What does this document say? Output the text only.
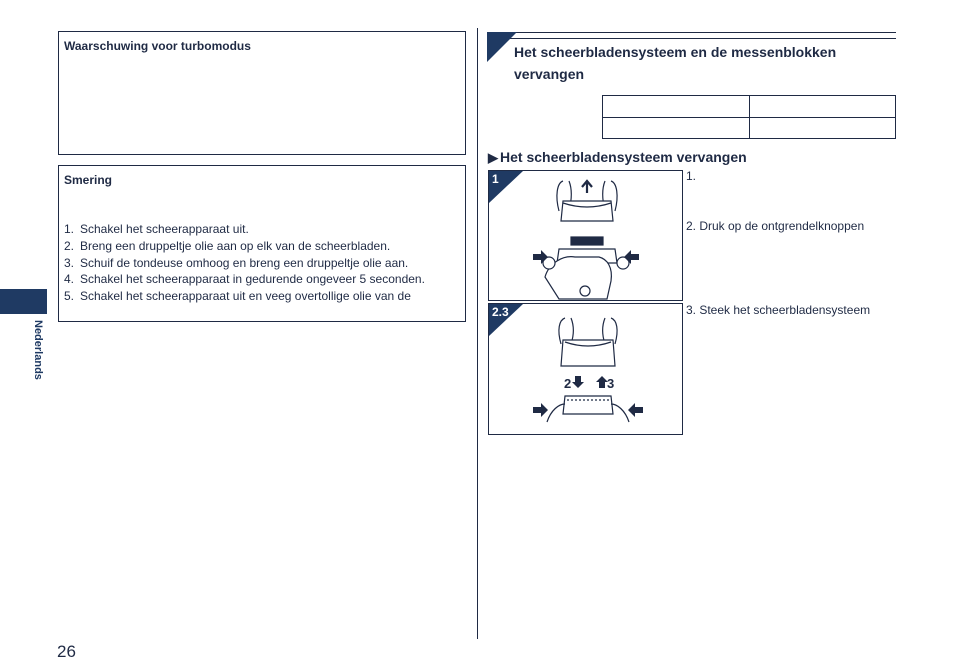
Waarschuwing voor turbomodus
Smering
1. Schakel het scheerapparaat uit.
2. Breng een druppeltje olie aan op elk van de scheerbladen.
3. Schuif de tondeuse omhoog en breng een druppeltje olie aan.
4. Schakel het scheerapparaat in gedurende ongeveer 5 seconden.
5. Schakel het scheerapparaat uit en veeg overtollige olie van de
Nederlands
26
Het scheerbladensysteem en de messenblokken vervangen

▶ Het scheerbladensysteem vervangen
1
2	3
2.3
1.
2. Druk op de ontgrendelknoppen
3. Steek het scheerbladensysteem
